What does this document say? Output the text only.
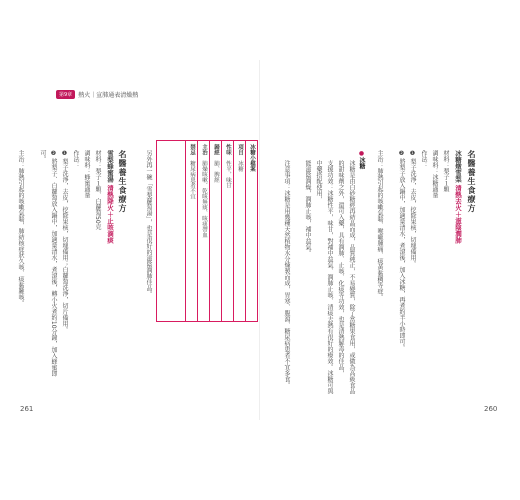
第9章	熱火｜宣肺通表清燥熱
名醫養生食療方
冰糖燉雪梨 清熱去火＋滋陰潤肺
材料：梨子１顆
調味料：冰糖適量
作法：
❶ 梨子洗淨，去皮，挖除果核，切塊備用。
❷ 將梨子放入鍋中，加適量清水，煮滾後，加入冰糖，再煮約半小時即可。
主治：肺熱引起的咳嗽氣喘、喉嚨腫痛、痰黃黏稠等症。
●冰糖
冰糖是由白砂糖經再結晶而成，品質純正，不易變質，除了當糖果食用，或做為高級食品的甜味劑之外，還可入藥，具有潤肺、止咳、化痰等功效，也是清熱解毒的佳品，
支援功效：冰糖性平，味甘，對補中益氣、潤肺止咳、清痰去熱有很好的療效。冰糖可與中藥搭配使用，
能滋陰潤燥，潤肺止咳，補中益氣。
注意事項：冰糖是用幾種天然植物水分煉製而成，胃寒、腹瀉、糖尿病患者不宜多食。
名醫養生食療方
雪梨蜂蜜湯 清熱降火＋止咳滴痰
材料：梨子１顆、白蘿蔔50克
調味料：蜂蜜適量
作法：
❶ 梨子洗淨，去皮，挖除果核，切塊備用；白蘿蔔洗淨，切片備用。
❷ 將梨子、白蘿蔔放入鍋中，加適量清水，煮滾後，轉小火煮約10分鐘，加入蜂蜜即可。
主治：肺熱引起的咳嗽氣喘，肺結核症狀久咳、痰黏難咳。	另外再一碗「雪梨蘿蔔湯」，也是很好的滋陰潤肺佳品。	冰糖小檔案
項目　冰糖
性味　性平，味甘
歸經　肺、脾經
主治　肺燥咳嗽、乾咳無痰、咳痰帶血
禁忌　糖尿病患者不宜
261	260
